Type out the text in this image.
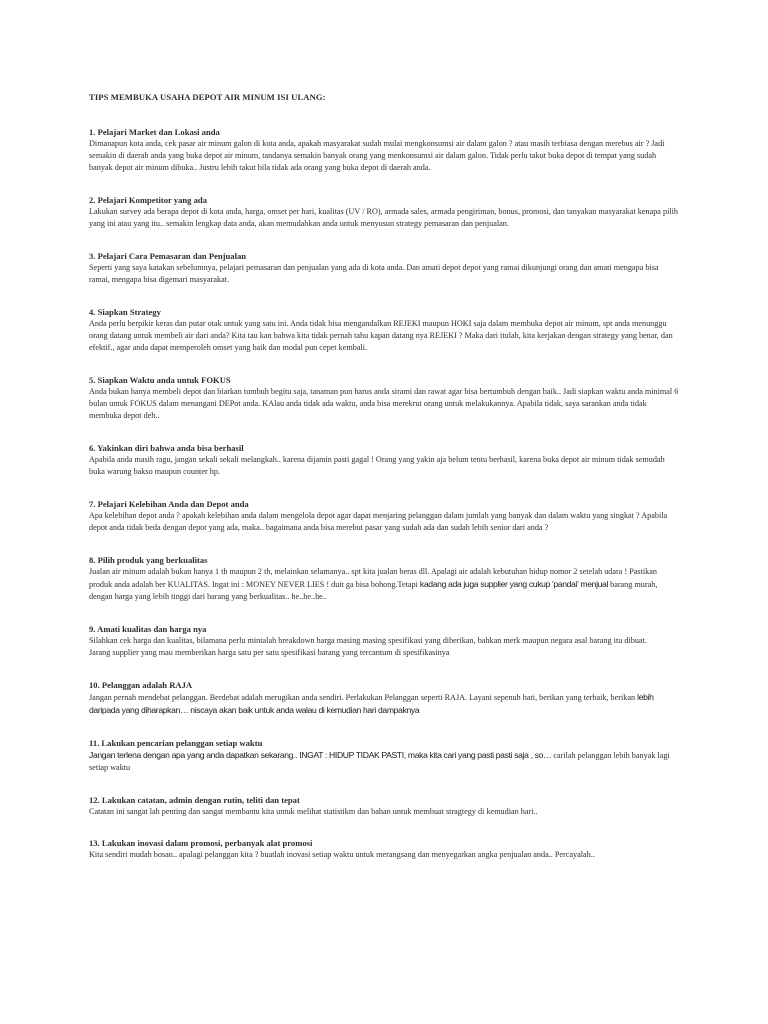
TIPS MEMBUKA USAHA DEPOT AIR MINUM ISI ULANG:

1. Pelajari Market dan Lokasi anda

Dimanapun kota anda, cek pasar air minum galon di kota anda, apakah masyarakat sudah mulai mengkonsumsi air dalam galon ? atau masih terbiasa dengan merebus air ? Jadi semakin di daerah anda yang buka depot air minum, tandanya semakin banyak orang yang menkonsumsi air dalam galon. Tidak perlu takut buka depot di tempat yang sudah banyak depot air minum dibuka.. Justru lebih takut bila tidak ada orang yang buka depot di daerah anda.

2. Pelajari Kompetitor yang ada

Lakukan survey ada berapa depot di kota anda, harga, omset per hari, kualitas (UV / RO), armada sales, armada pengiriman, bonus, promosi, dan tanyakan masyarakat kenapa pilih yang ini atau yang itu.. semakin lengkap data anda, akan memudahkan anda untuk menyusun strategy pemasaran dan penjualan.

3. Pelajari Cara Pemasaran dan Penjualan

Seperti yang saya katakan sebelumnya, pelajari pemasaran dan penjualan yang ada di kota anda. Dan amati depot depot yang ramai dikunjungi orang dan amati mengapa bisa ramai, mengapa bisa digemari masyarakat.

4. Siapkan Strategy

Anda perlu berpikir keras dan putar otak untuk yang satu ini. Anda tidak bisa mengandalkan REJEKI maupun HOKI saja dalam membuka depot air minum, spt anda menunggu orang datang untuk membeli air dari anda? Kita tau kan bahwa kita tidak pernah tahu kapan datang nya REJEKI ? Maka dari itulah, kita kerjakan dengan strategy yang benar, dan efektif., agar anda dapat memperoleh omset yang baik dan modal pun cepet kembali.

5. Siapkan Waktu anda untuk FOKUS

Anda bukan hanya membeli depot dan biarkan tumbuh begitu saja, tanaman pun harus anda sirami dan rawat agar bisa bertumbuh dengan baik.. Jadi siapkan waktu anda minimal 6 bulan untuk FOKUS dalam menangani DEPot anda. KAlau anda tidak ada waktu, anda bisa merekrut orang untuk melakukannya. Apabila tidak, saya sarankan anda tidak membuka depot deh..

6. Yakinkan diri bahwa anda bisa berhasil

Apabila anda masih ragu, jangan sekali sekali melangkah.. karena dijamin pasti gagal ! Orang yang yakin aja belum tentu berhasil, karena buka depot air minum tidak semudah buka warung bakso maupun counter hp.

7. Pelajari Kelebihan Anda dan Depot anda

Apa kelebihan depot anda ? apakah kelebihan anda dalam mengelola depot agar dapat menjaring pelanggan dalam jumlah yang banyak dan dalam waktu yang singkat ? Apabila depot anda tidak beda dengan depot yang ada, maka.. bagaimana anda bisa merebut pasar yang sudah ada dan sudah lebih senior dari anda ?

8. Pilih produk yang berkualitas

Jualan air minum adalah bukan hanya 1 th maupun 2 th, melainkan selamanya.. spt kita jualan beras dll. Apalagi air adalah kebutuhan hidup nomor 2 setelah udara ! Pastikan produk anda adalah ber KUALITAS. Ingat ini : MONEY NEVER LIES ! duit ga bisa bohong.Tetapi kadang ada juga supplier yang cukup 'pandai' menjual barang murah, dengan harga yang lebih tinggi dari barang yang berkualitas.. he..he..he..

9. Amati kualitas dan harga nya

Silahkan cek harga dan kualitas, bilamana perlu mintalah breakdown harga masing masing spesifikasi yang diberikan, bahkan merk maupun negara asal barang itu dibuat.

Jarang supplier yang mau memberikan harga satu per satu spesifikasi barang yang tercantum di spesifikasinya

10. Pelanggan adalah RAJA

Jangan pernah mendebat pelanggan. Berdebat adalah merugikan anda sendiri. Perlakukan Pelanggan seperti RAJA. Layani sepenuh hati, berikan yang terbaik, berikan lebih daripada yang diharapkan… niscaya akan baik untuk anda walau di kemudian hari dampaknya

11. Lakukan pencarian pelanggan setiap waktu

Jangan terlena dengan apa yang anda dapatkan sekarang.. INGAT : HIDUP TIDAK PASTI, maka kita cari yang pasti pasti saja , so… carilah pelanggan lebih banyak lagi setiap waktu

12. Lakukan catatan, admin dengan rutin, teliti dan tepat

Catatan ini sangat lah penting dan sangat membantu kita untuk melihat statistikm dan bahan untuk membuat stragtegy di kemudian hari..

13. Lakukan inovasi dalam promosi, perbanyak alat promosi

Kita sendiri mudah bosan.. apalagi pelanggan kita ? buatlah inovasi setiap waktu untuk merangsang dan menyegarkan angka penjualan anda.. Percayalah..
